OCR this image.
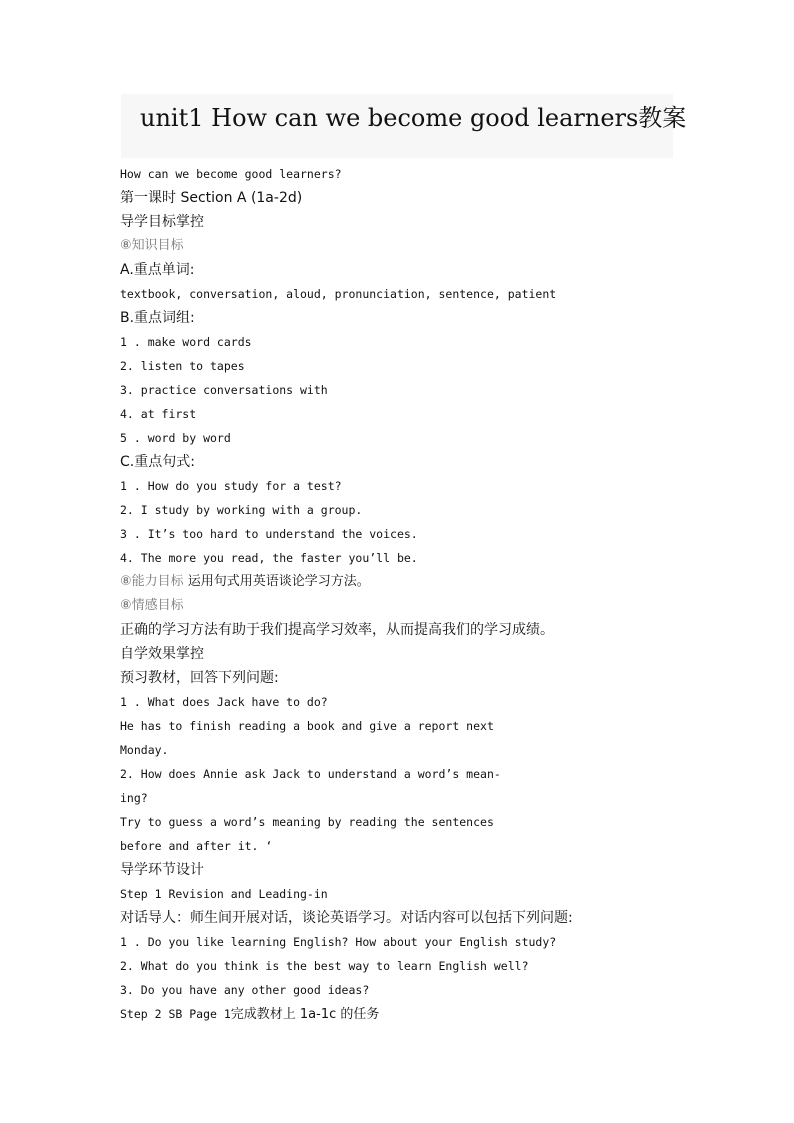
unit1 How can we become good learners教案
How can we become good learners?
第一课时 Section A (1a-2d)
导学目标掌控
⑧知识目标
A.重点单词:
textbook, conversation, aloud, pronunciation, sentence, patient
B.重点词组:
1 . make word cards
2. listen to tapes
3. practice conversations with
4. at first
5 . word by word
C.重点句式:
1 . How do you study for a test?
2. I study by working with a group.
3 . It’s too hard to understand the voices.
4. The more you read, the faster you’ll be.
⑧能力目标 运用句式用英语谈论学习方法。
⑧情感目标
正确的学习方法有助于我们提高学习效率，从而提高我们的学习成绩。
自学效果掌控
预习教材，回答下列问题:
1 . What does Jack have to do?
He has to finish reading a book and give a report next
Monday.
2. How does Annie ask Jack to understand a word’s mean-
ing?
Try to guess a word’s meaning by reading the sentences
before and after it. ‘
导学环节设计
Step 1 Revision and Leading-in
对话导人：师生间开展对话，谈论英语学习。对话内容可以包括下列问题:
1 . Do you like learning English? How about your English study?
2. What do you think is the best way to learn English well?
3. Do you have any other good ideas?
Step 2 SB Page 1完成教材上 1a-1c 的任务
